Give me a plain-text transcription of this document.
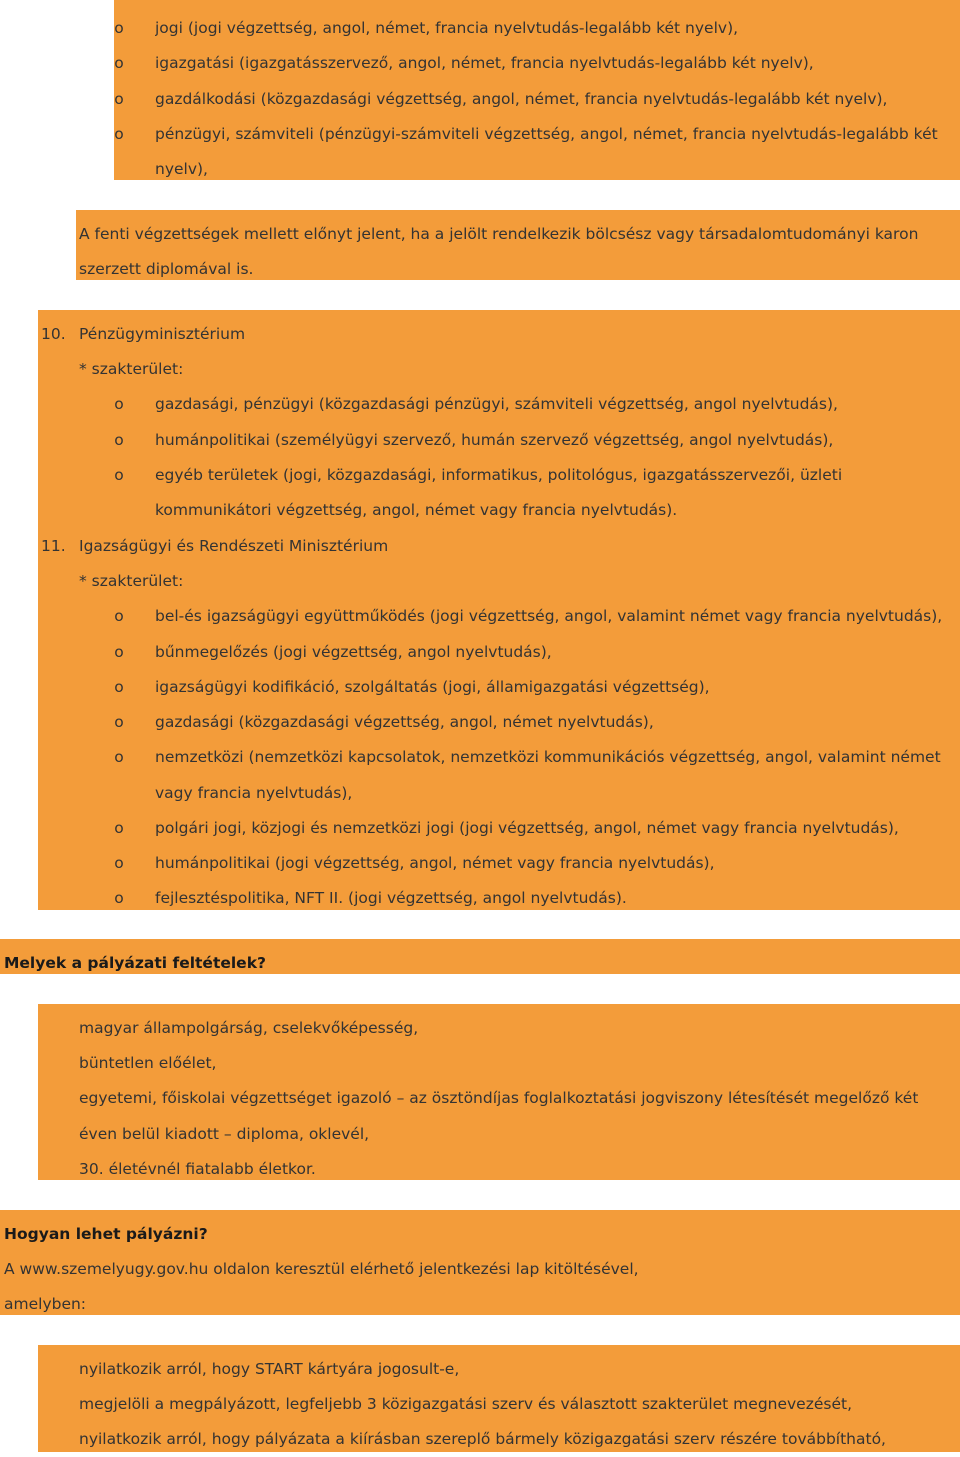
o	jogi (jogi végzettség, angol, német, francia nyelvtudás-legalább két nyelv),
o	igazgatási (igazgatásszervező, angol, német, francia nyelvtudás-legalább két nyelv),
o	gazdálkodási (közgazdasági végzettség, angol, német, francia nyelvtudás-legalább két nyelv),
o	pénzügyi, számviteli (pénzügyi-számviteli végzettség, angol, német, francia nyelvtudás-legalább két
nyelv),
A fenti végzettségek mellett előnyt jelent, ha a jelölt rendelkezik bölcsész vagy társadalomtudományi karon
szerzett diplomával is.
10. Pénzügyminisztérium
* szakterület:
o	gazdasági, pénzügyi (közgazdasági pénzügyi, számviteli végzettség, angol nyelvtudás),
o	humánpolitikai (személyügyi szervező, humán szervező végzettség, angol nyelvtudás),
o	egyéb területek (jogi, közgazdasági, informatikus, politológus, igazgatásszervezői, üzleti
kommunikátori végzettség, angol, német vagy francia nyelvtudás).
11. Igazságügyi és Rendészeti Minisztérium
* szakterület:
o	bel-és igazságügyi együttműködés (jogi végzettség, angol, valamint német vagy francia nyelvtudás),
o	bűnmegelőzés (jogi végzettség, angol nyelvtudás),
o	igazságügyi kodifikáció, szolgáltatás (jogi, államigazgatási végzettség),
o	gazdasági (közgazdasági végzettség, angol, német nyelvtudás),
o	nemzetközi (nemzetközi kapcsolatok, nemzetközi kommunikációs végzettség, angol, valamint német
vagy francia nyelvtudás),
o	polgári jogi, közjogi és nemzetközi jogi (jogi végzettség, angol, német vagy francia nyelvtudás),
o	humánpolitikai (jogi végzettség, angol, német vagy francia nyelvtudás),
o	fejlesztéspolitika, NFT II. (jogi végzettség, angol nyelvtudás).
Melyek a pályázati feltételek?
magyar állampolgárság, cselekvőképesség,
büntetlen előélet,
egyetemi, főiskolai végzettséget igazoló – az ösztöndíjas foglalkoztatási jogviszony létesítését megelőző két
éven belül kiadott – diploma, oklevél,
30. életévnél fiatalabb életkor.
Hogyan lehet pályázni?
A www.szemelyugy.gov.hu oldalon keresztül elérhető jelentkezési lap kitöltésével,
amelyben:
nyilatkozik arról, hogy START kártyára jogosult-e,
megjelöli a megpályázott, legfeljebb 3 közigazgatási szerv és választott szakterület megnevezését,
nyilatkozik arról, hogy pályázata a kiírásban szereplő bármely közigazgatási szerv részére továbbítható,
